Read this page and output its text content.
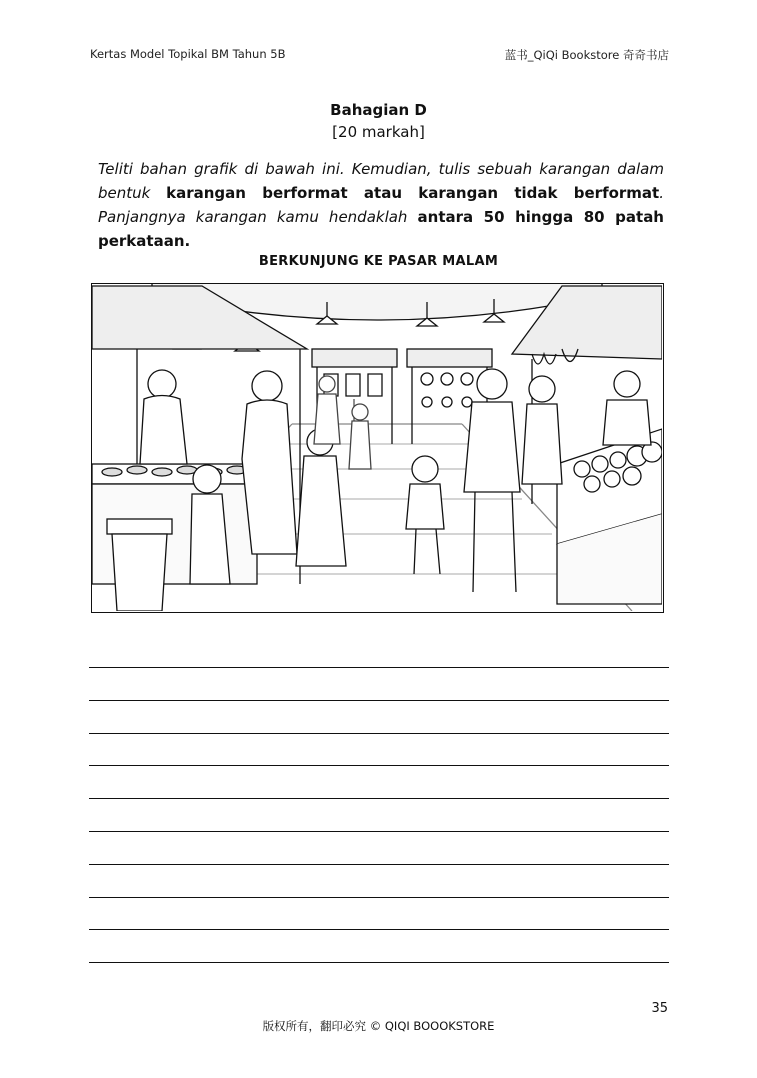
Kertas Model Topikal BM Tahun 5B	蓝书_QiQi Bookstore 奇奇书店
Bahagian D
[20 markah]
Teliti bahan grafik di bawah ini. Kemudian, tulis sebuah karangan dalam bentuk karangan berformat atau karangan tidak berformat. Panjangnya karangan kamu hendaklah antara 50 hingga 80 patah perkataan.
BERKUNJUNG KE PASAR MALAM
35
版权所有，翻印必究 © QIQI BOOOKSTORE
